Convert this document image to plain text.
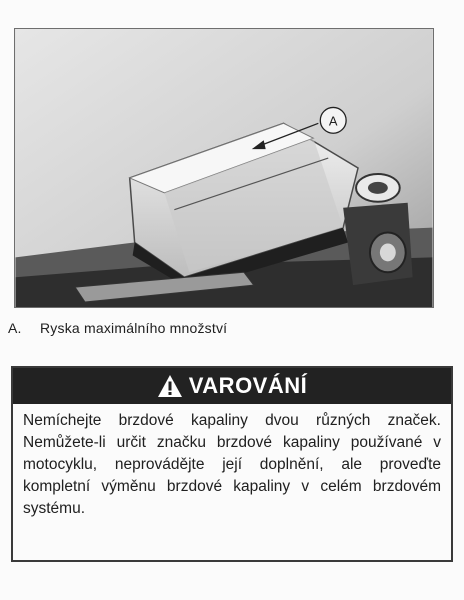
A
A. Ryska maximálního množství
VAROVÁNÍ
Nemíchejte brzdové kapaliny dvou různých značek. Nemůžete-li určit značku brzdové kapaliny používané v motocyklu, neprovádějte její doplnění, ale proveďte kompletní výměnu brzdové kapaliny v celém brzdovém systému.
